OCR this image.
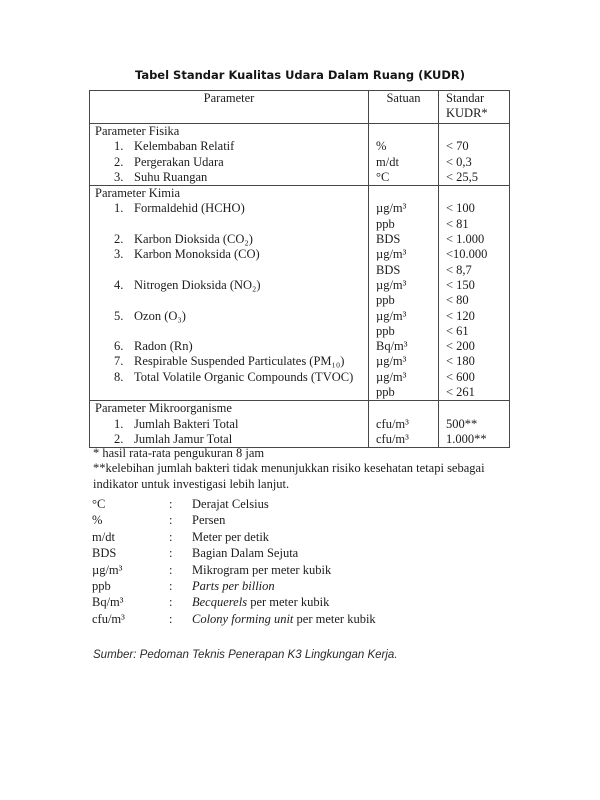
Tabel Standar Kualitas Udara Dalam Ruang (KUDR)
Parameter	Satuan	Standar
KUDR*

Parameter Fisika		
1. Kelembaban Relatif	%	< 70
2. Pergerakan Udara	m/dt	< 0,3
3. Suhu Ruangan	°C	< 25,5
Parameter Kimia		
1. Formaldehid (HCHO)	µg/m³	< 100
	ppb	< 81
2. Karbon Dioksida (CO₂)	BDS	< 1.000
3. Karbon Monoksida (CO)	µg/m³	<10.000
	BDS	< 8,7
4. Nitrogen Dioksida (NO₂)	µg/m³	< 150
	ppb	< 80
5. Ozon (O₃)	µg/m³	< 120
	ppb	< 61
6. Radon (Rn)	Bq/m³	< 200
7. Respirable Suspended Particulates (PM₁₀)	µg/m³	< 180
8. Total Volatile Organic Compounds (TVOC)	µg/m³	< 600
	ppb	< 261
Parameter Mikroorganisme		
1. Jumlah Bakteri Total	cfu/m³	500**
2. Jumlah Jamur Total	cfu/m³	1.000**
* hasil rata-rata pengukuran 8 jam
**kelebihan jumlah bakteri tidak menunjukkan risiko kesehatan tetapi sebagai indikator untuk investigasi lebih lanjut.
°C	:	Derajat Celsius
%	:	Persen
m/dt	:	Meter per detik
BDS	:	Bagian Dalam Sejuta
µg/m³	:	Mikrogram per meter kubik
ppb	:	Parts per billion
Bq/m³	:	Becquerels per meter kubik
cfu/m³	:	Colony forming unit per meter kubik
Sumber: Pedoman Teknis Penerapan K3 Lingkungan Kerja.
